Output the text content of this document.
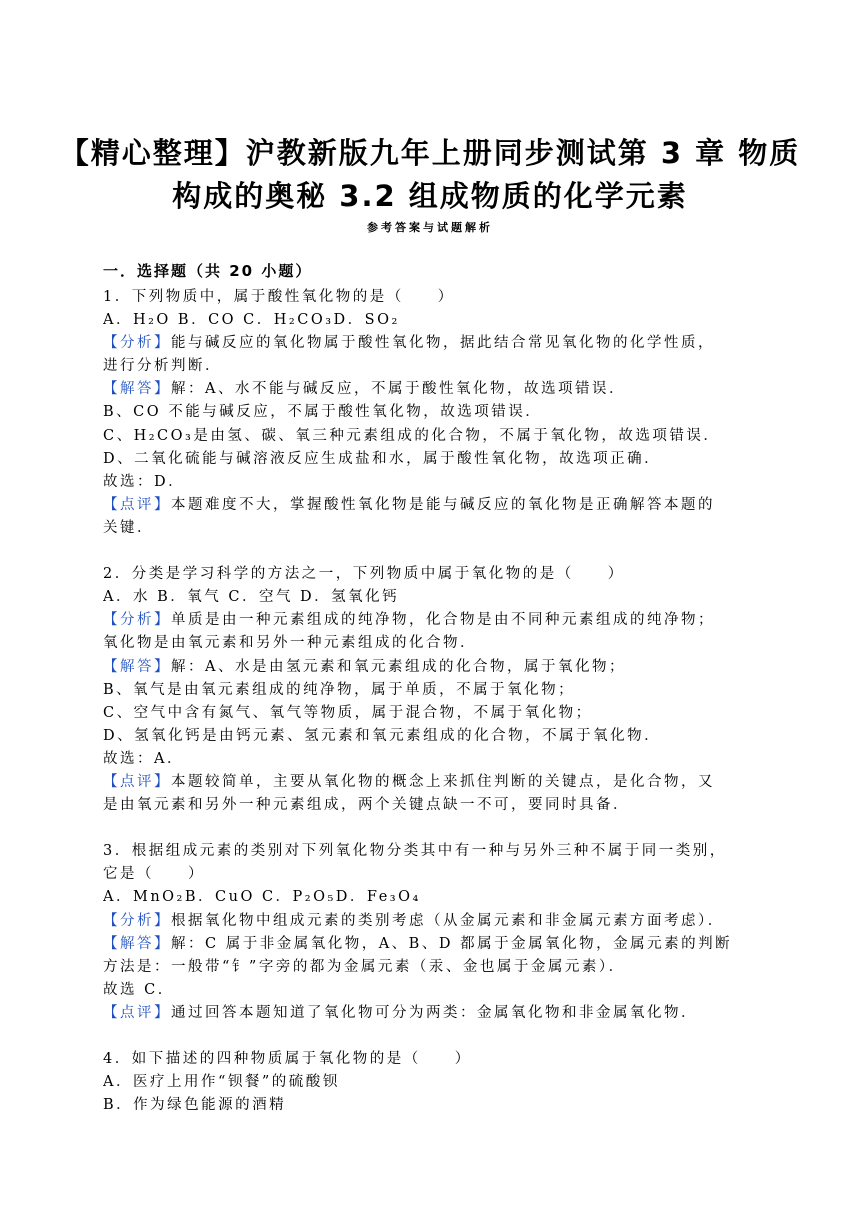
【精心整理】沪教新版九年上册同步测试第 3 章 物质
构成的奥秘 3.2 组成物质的化学元素
参考答案与试题解析
一．选择题（共 20 小题）
1．下列物质中，属于酸性氧化物的是（　　）
A．H₂O B．CO C．H₂CO₃D．SO₂
【分析】能与碱反应的氧化物属于酸性氧化物，据此结合常见氧化物的化学性质，
进行分析判断．
【解答】解：A、水不能与碱反应，不属于酸性氧化物，故选项错误．
B、CO 不能与碱反应，不属于酸性氧化物，故选项错误．
C、H₂CO₃是由氢、碳、氧三种元素组成的化合物，不属于氧化物，故选项错误．
D、二氧化硫能与碱溶液反应生成盐和水，属于酸性氧化物，故选项正确．
故选：D．
【点评】本题难度不大，掌握酸性氧化物是能与碱反应的氧化物是正确解答本题的
关键．
2．分类是学习科学的方法之一，下列物质中属于氧化物的是（　　）
A．水 B．氧气 C．空气 D．氢氧化钙
【分析】单质是由一种元素组成的纯净物，化合物是由不同种元素组成的纯净物；
氧化物是由氧元素和另外一种元素组成的化合物．
【解答】解：A、水是由氢元素和氧元素组成的化合物，属于氧化物；
B、氧气是由氧元素组成的纯净物，属于单质，不属于氧化物；
C、空气中含有氮气、氧气等物质，属于混合物，不属于氧化物；
D、氢氧化钙是由钙元素、氢元素和氧元素组成的化合物，不属于氧化物．
故选：A．
【点评】本题较简单，主要从氧化物的概念上来抓住判断的关键点，是化合物，又
是由氧元素和另外一种元素组成，两个关键点缺一不可，要同时具备．
3．根据组成元素的类别对下列氧化物分类其中有一种与另外三种不属于同一类别，
它是（　　）
A．MnO₂B．CuO C．P₂O₅D．Fe₃O₄
【分析】根据氧化物中组成元素的类别考虑（从金属元素和非金属元素方面考虑）．
【解答】解：C 属于非金属氧化物，A、B、D 都属于金属氧化物，金属元素的判断
方法是：一般带“钅”字旁的都为金属元素（汞、金也属于金属元素）．
故选 C．
【点评】通过回答本题知道了氧化物可分为两类：金属氧化物和非金属氧化物．
4．如下描述的四种物质属于氧化物的是（　　）
A．医疗上用作“钡餐”的硫酸钡
B．作为绿色能源的酒精
